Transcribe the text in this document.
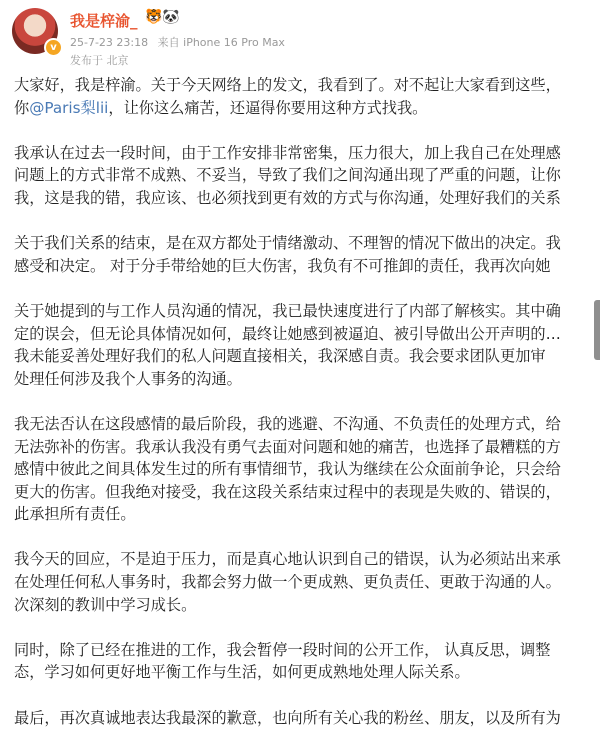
v
我是梓渝_ 🐯🐼
25-7-23 23:18 来自 iPhone 16 Pro Max
发布于 北京
大家好，我是梓渝。关于今天网络上的发文，我看到了。对不起让大家看到这些，
你@Paris梨lii，让你这么痛苦，还逼得你要用这种方式找我。
我承认在过去一段时间，由于工作安排非常密集，压力很大，加上我自己在处理感
问题上的方式非常不成熟、不妥当，导致了我们之间沟通出现了严重的问题，让你
我，这是我的错，我应该、也必须找到更有效的方式与你沟通，处理好我们的关系
关于我们关系的结束，是在双方都处于情绪激动、不理智的情况下做出的决定。我
感受和决定。 对于分手带给她的巨大伤害，我负有不可推卸的责任，我再次向她
关于她提到的与工作人员沟通的情况，我已最快速度进行了内部了解核实。其中确
定的误会，但无论具体情况如何，最终让她感到被逼迫、被引导做出公开声明的…
我未能妥善处理好我们的私人问题直接相关，我深感自责。我会要求团队更加审
处理任何涉及我个人事务的沟通。
我无法否认在这段感情的最后阶段，我的逃避、不沟通、不负责任的处理方式，给
无法弥补的伤害。我承认我没有勇气去面对问题和她的痛苦，也选择了最糟糕的方
感情中彼此之间具体发生过的所有事情细节，我认为继续在公众面前争论，只会给
更大的伤害。但我绝对接受，我在这段关系结束过程中的表现是失败的、错误的，
此承担所有责任。
我今天的回应，不是迫于压力，而是真心地认识到自己的错误，认为必须站出来承
在处理任何私人事务时，我都会努力做一个更成熟、更负责任、更敢于沟通的人。
次深刻的教训中学习成长。
同时，除了已经在推进的工作，我会暂停一段时间的公开工作， 认真反思，调整
态，学习如何更好地平衡工作与生活，如何更成熟地处理人际关系。
最后，再次真诚地表达我最深的歉意，也向所有关心我的粉丝、朋友，以及所有为
